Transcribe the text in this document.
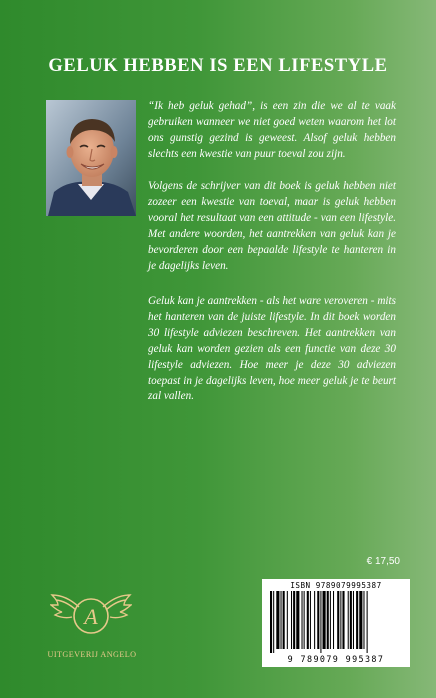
GELUK HEBBEN IS EEN LIFESTYLE

“Ik heb geluk gehad”, is een zin die we al te vaak gebruiken wanneer we niet goed weten waarom het lot ons gunstig gezind is geweest. Alsof geluk hebben slechts een kwestie van puur toeval zou zijn.

Volgens de schrijver van dit boek is geluk hebben niet zozeer een kwestie van toeval, maar is geluk hebben vooral het resultaat van een attitude - van een lifestyle. Met andere woorden, het aantrekken van geluk kan je bevorderen door een bepaalde lifestyle te hanteren in je dagelijks leven.

Geluk kan je aantrekken - als het ware veroveren - mits het hanteren van de juiste lifestyle. In dit boek worden 30 lifestyle adviezen beschreven. Het aantrekken van geluk kan worden gezien als een functie van deze 30 lifestyle adviezen. Hoe meer je deze 30 adviezen toepast in je dagelijks leven, hoe meer geluk je te beurt zal vallen.

€ 17,50

ISBN 9789079995387

9 789079 995387

A

UITGEVERIJ ANGELO
